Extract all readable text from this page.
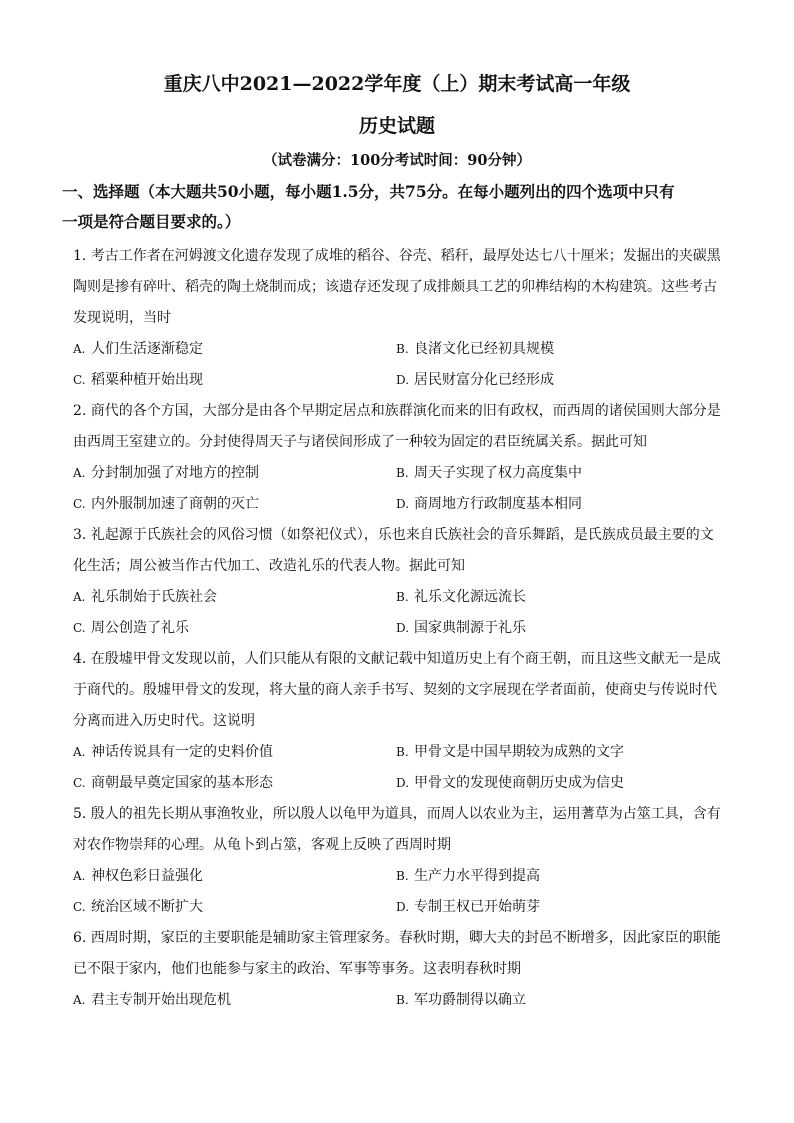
重庆八中2021—2022学年度（上）期末考试高一年级
历史试题
（试卷满分：100分考试时间：90分钟）
一、选择题（本大题共50小题，每小题1.5分，共75分。在每小题列出的四个选项中只有
一项是符合题目要求的。）
1. 考古工作者在河姆渡文化遗存发现了成堆的稻谷、谷壳、稻秆，最厚处达七八十厘米；发掘出的夹碳黑
陶则是掺有碎叶、稻壳的陶土烧制而成；该遗存还发现了成排颇具工艺的卯榫结构的木构建筑。这些考古
发现说明，当时
A. 人们生活逐渐稳定	B. 良渚文化已经初具规模
C. 稻粟种植开始出现	D. 居民财富分化已经形成
2. 商代的各个方国，大部分是由各个早期定居点和族群演化而来的旧有政权，而西周的诸侯国则大部分是
由西周王室建立的。分封使得周天子与诸侯间形成了一种较为固定的君臣统属关系。据此可知
A. 分封制加强了对地方的控制	B. 周天子实现了权力高度集中
C. 内外服制加速了商朝的灭亡	D. 商周地方行政制度基本相同
3. 礼起源于氏族社会的风俗习惯（如祭祀仪式），乐也来自氏族社会的音乐舞蹈，是氏族成员最主要的文
化生活；周公被当作古代加工、改造礼乐的代表人物。据此可知
A. 礼乐制始于氏族社会	B. 礼乐文化源远流长
C. 周公创造了礼乐	D. 国家典制源于礼乐
4. 在殷墟甲骨文发现以前，人们只能从有限的文献记载中知道历史上有个商王朝，而且这些文献无一是成
于商代的。殷墟甲骨文的发现，将大量的商人亲手书写、契刻的文字展现在学者面前，使商史与传说时代
分离而进入历史时代。这说明
A. 神话传说具有一定的史料价值	B. 甲骨文是中国早期较为成熟的文字
C. 商朝最早奠定国家的基本形态	D. 甲骨文的发现使商朝历史成为信史
5. 殷人的祖先长期从事渔牧业，所以殷人以龟甲为道具，而周人以农业为主，运用蓍草为占筮工具，含有
对农作物崇拜的心理。从龟卜到占筮，客观上反映了西周时期
A. 神权色彩日益强化	B. 生产力水平得到提高
C. 统治区域不断扩大	D. 专制王权已开始萌芽
6. 西周时期，家臣的主要职能是辅助家主管理家务。春秋时期，卿大夫的封邑不断增多，因此家臣的职能
已不限于家内，他们也能参与家主的政治、军事等事务。这表明春秋时期
A. 君主专制开始出现危机	B. 军功爵制得以确立
